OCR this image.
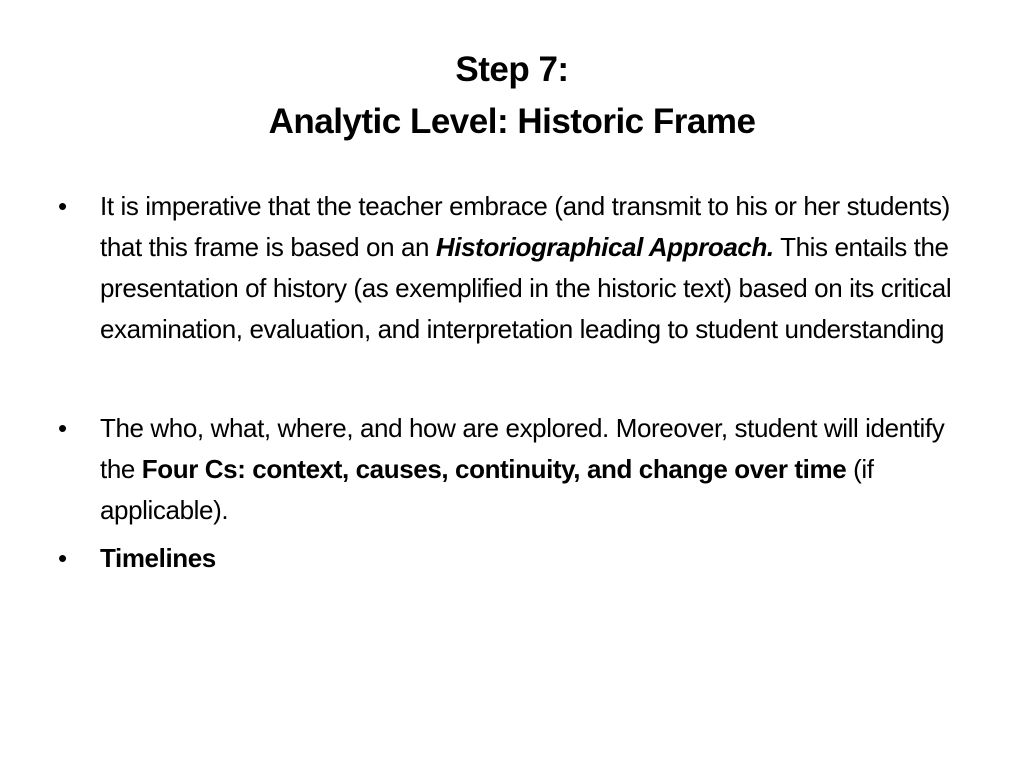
Step 7:
Analytic Level: Historic Frame
•	It is imperative that the teacher embrace (and transmit to his or her students) that this frame is based on an Historiographical Approach. This entails the presentation of history (as exemplified in the historic text) based on its critical examination, evaluation, and interpretation leading to student understanding
•	The who, what, where, and how are explored. Moreover, student will identify the Four Cs: context, causes, continuity, and change over time (if applicable).
•	Timelines
